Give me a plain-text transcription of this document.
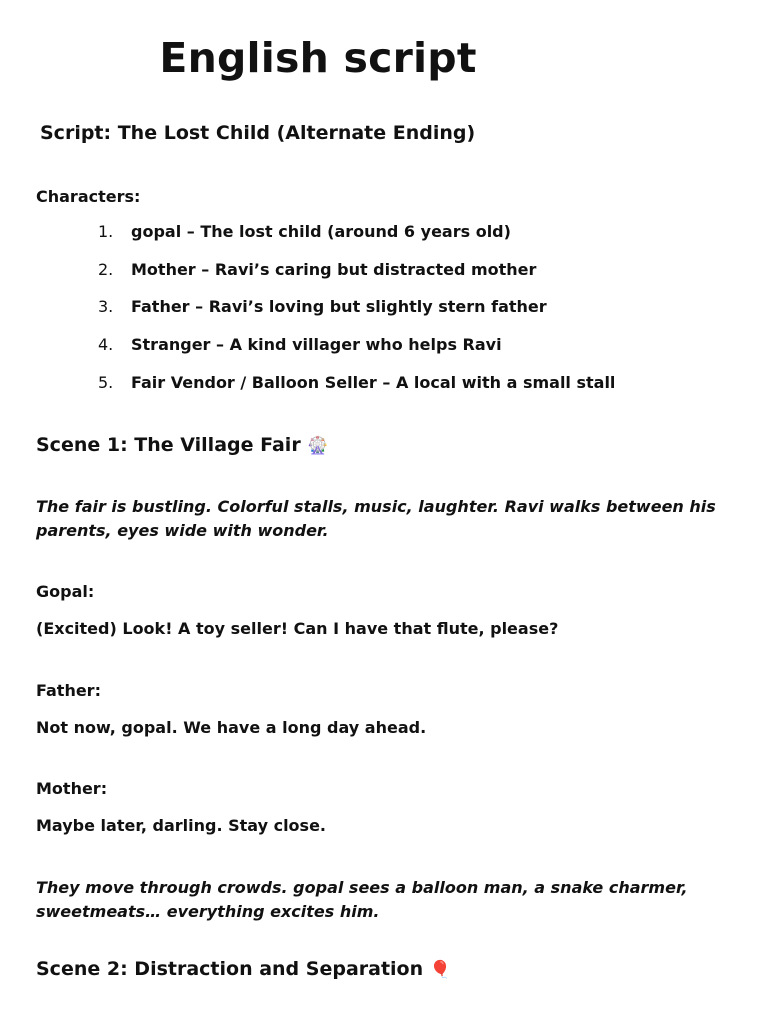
English script
Script: The Lost Child (Alternate Ending)

Characters:

1. gopal – The lost child (around 6 years old)
2. Mother – Ravi’s caring but distracted mother
3. Father – Ravi’s loving but slightly stern father
4. Stranger – A kind villager who helps Ravi
5. Fair Vendor / Balloon Seller – A local with a small stall
Scene 1: The Village Fair 🎡

The fair is bustling. Colorful stalls, music, laughter. Ravi walks between his parents, eyes wide with wonder.

Gopal:

(Excited) Look! A toy seller! Can I have that flute, please?

Father:

Not now, gopal. We have a long day ahead.

Mother:

Maybe later, darling. Stay close.

They move through crowds. gopal sees a balloon man, a snake charmer, sweetmeats… everything excites him.

Scene 2: Distraction and Separation 🎈
